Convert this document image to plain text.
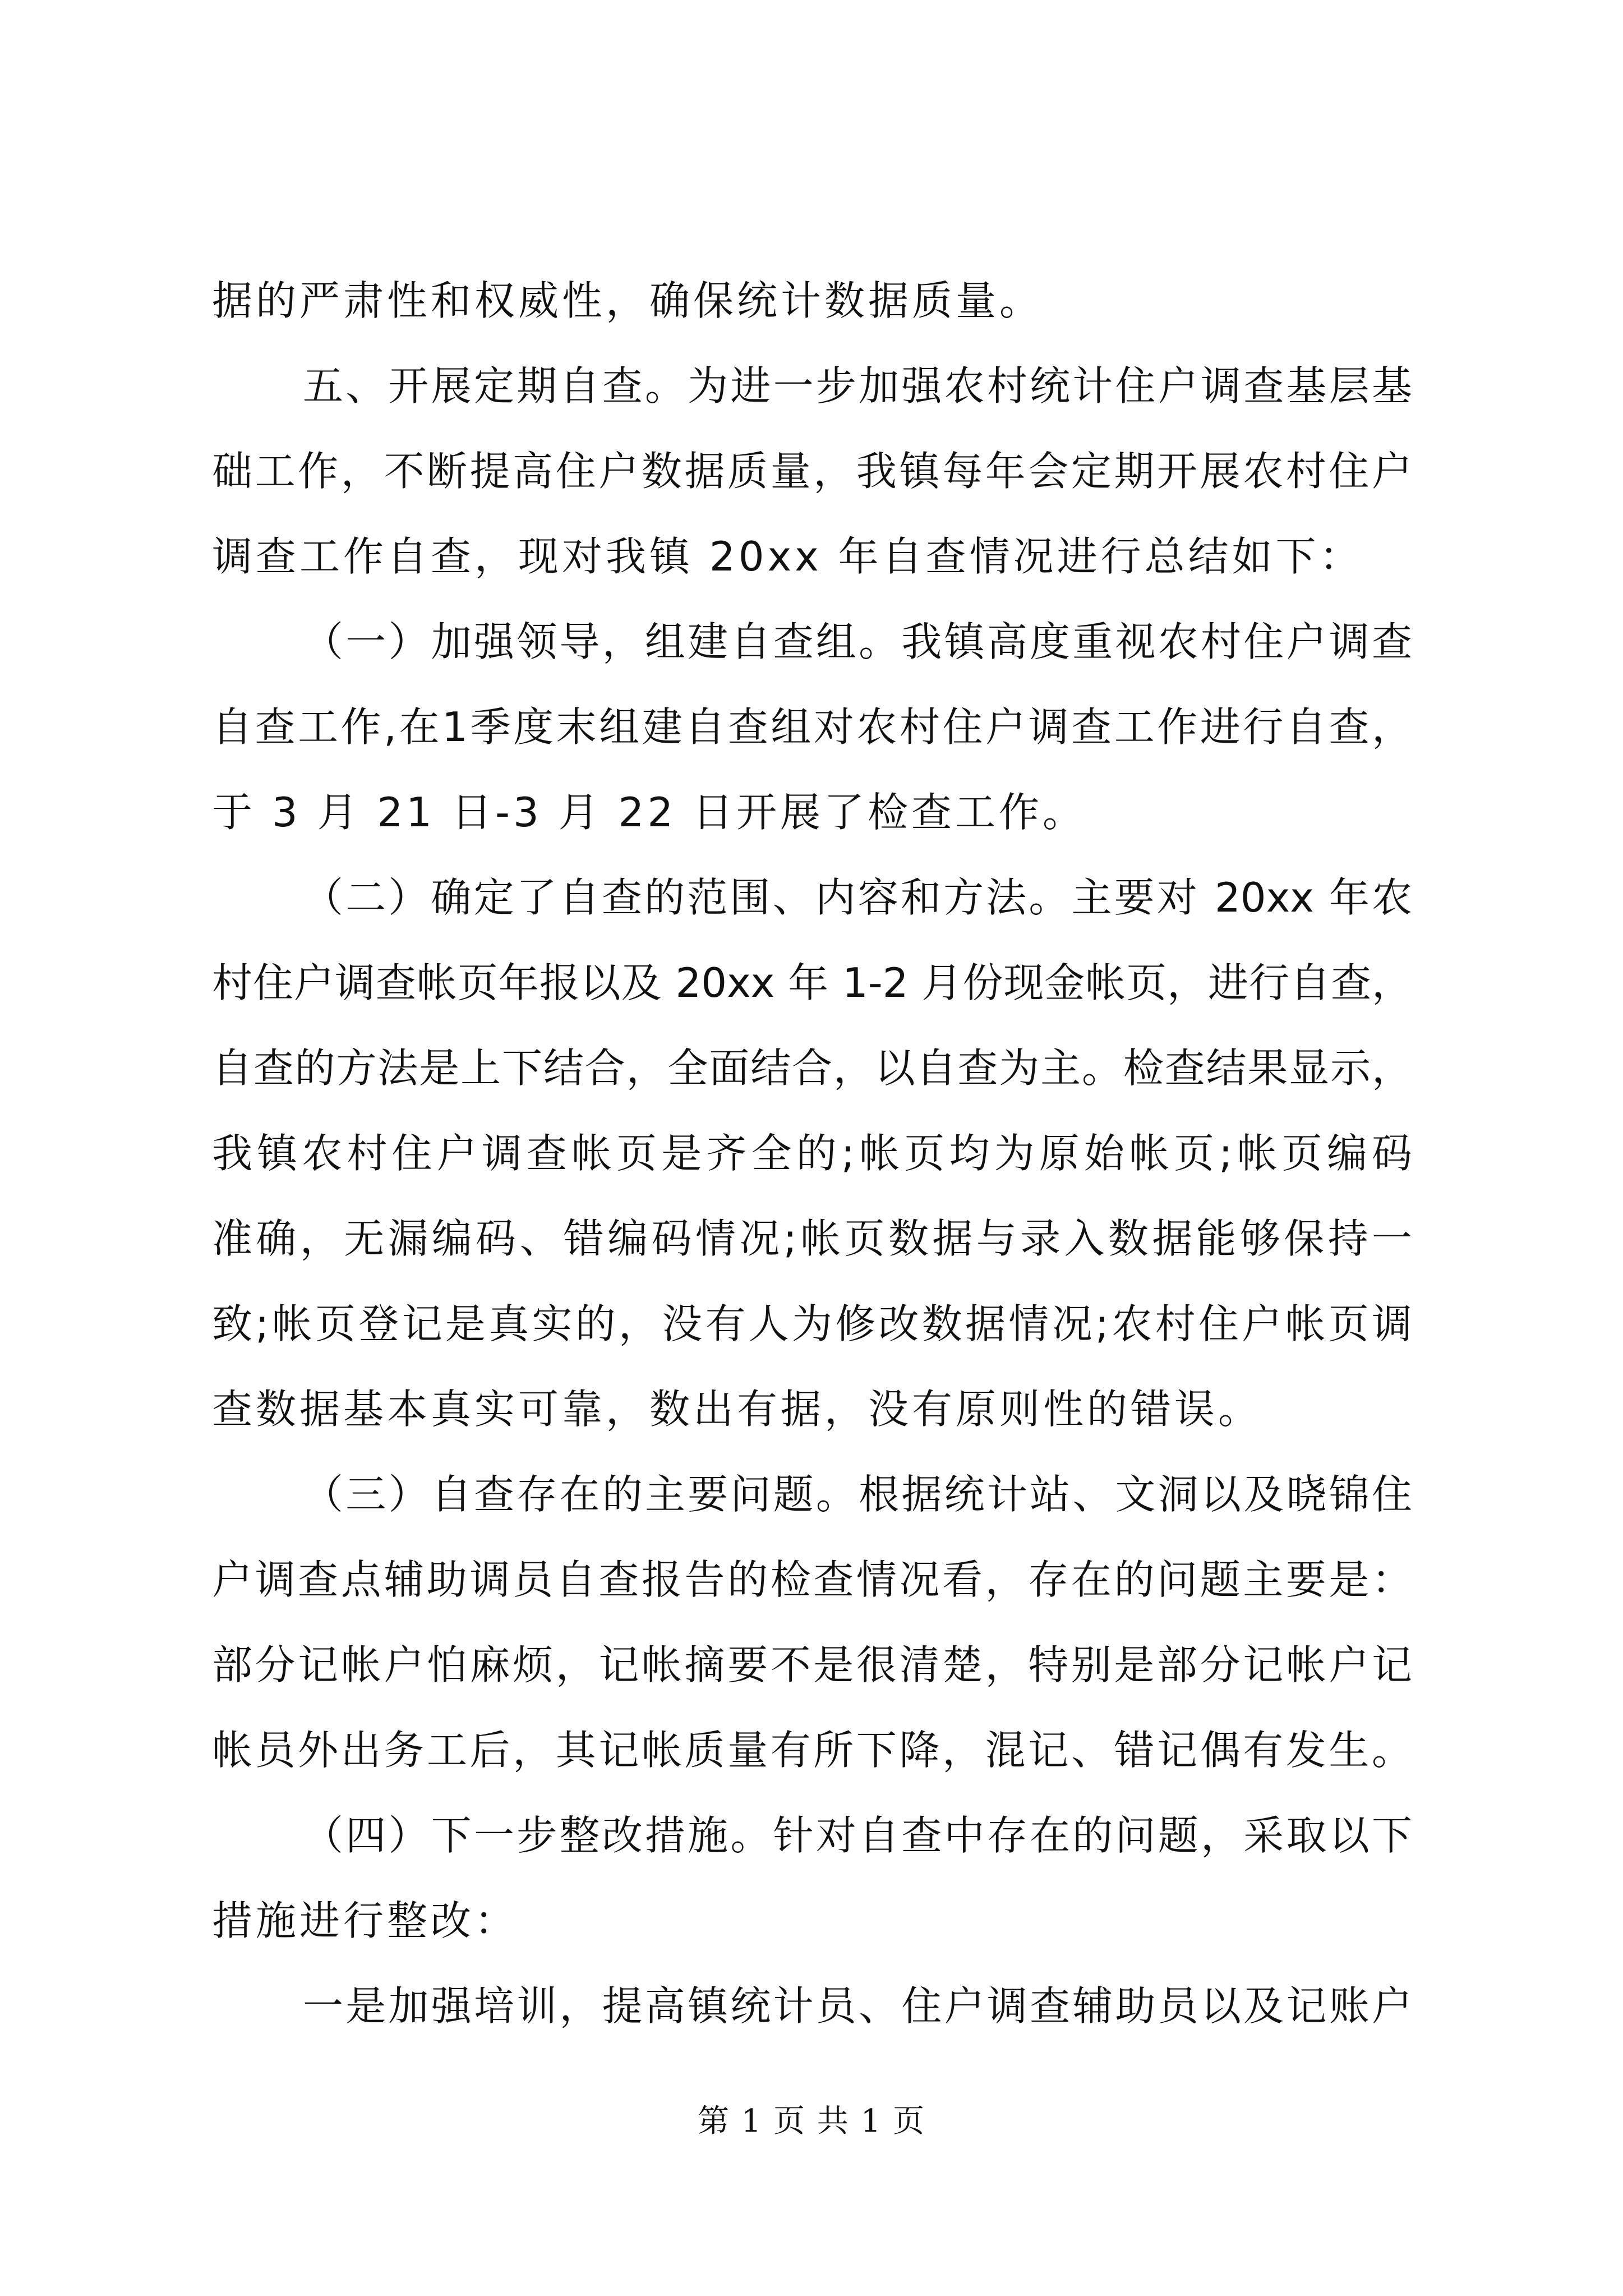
据的严肃性和权威性，确保统计数据质量。
五、开展定期自查。为进一步加强农村统计住户调查基层基
础工作，不断提高住户数据质量，我镇每年会定期开展农村住户
调查工作自查，现对我镇 20xx 年自查情况进行总结如下：
（一）加强领导，组建自查组。我镇高度重视农村住户调查
自查工作,在1季度末组建自查组对农村住户调查工作进行自查，
于 3 月 21 日-3 月 22 日开展了检查工作。
（二）确定了自查的范围、内容和方法。主要对 20xx 年农
村住户调查帐页年报以及 20xx 年 1-2 月份现金帐页，进行自查，
自查的方法是上下结合，全面结合，以自查为主。检查结果显示，
我镇农村住户调查帐页是齐全的;帐页均为原始帐页;帐页编码
准确，无漏编码、错编码情况;帐页数据与录入数据能够保持一
致;帐页登记是真实的，没有人为修改数据情况;农村住户帐页调
查数据基本真实可靠，数出有据，没有原则性的错误。
（三）自查存在的主要问题。根据统计站、文洞以及晓锦住
户调查点辅助调员自查报告的检查情况看，存在的问题主要是：
部分记帐户怕麻烦，记帐摘要不是很清楚，特别是部分记帐户记
帐员外出务工后，其记帐质量有所下降，混记、错记偶有发生。
（四）下一步整改措施。针对自查中存在的问题，采取以下
措施进行整改：
一是加强培训，提高镇统计员、住户调查辅助员以及记账户
第 1 页 共 1 页
